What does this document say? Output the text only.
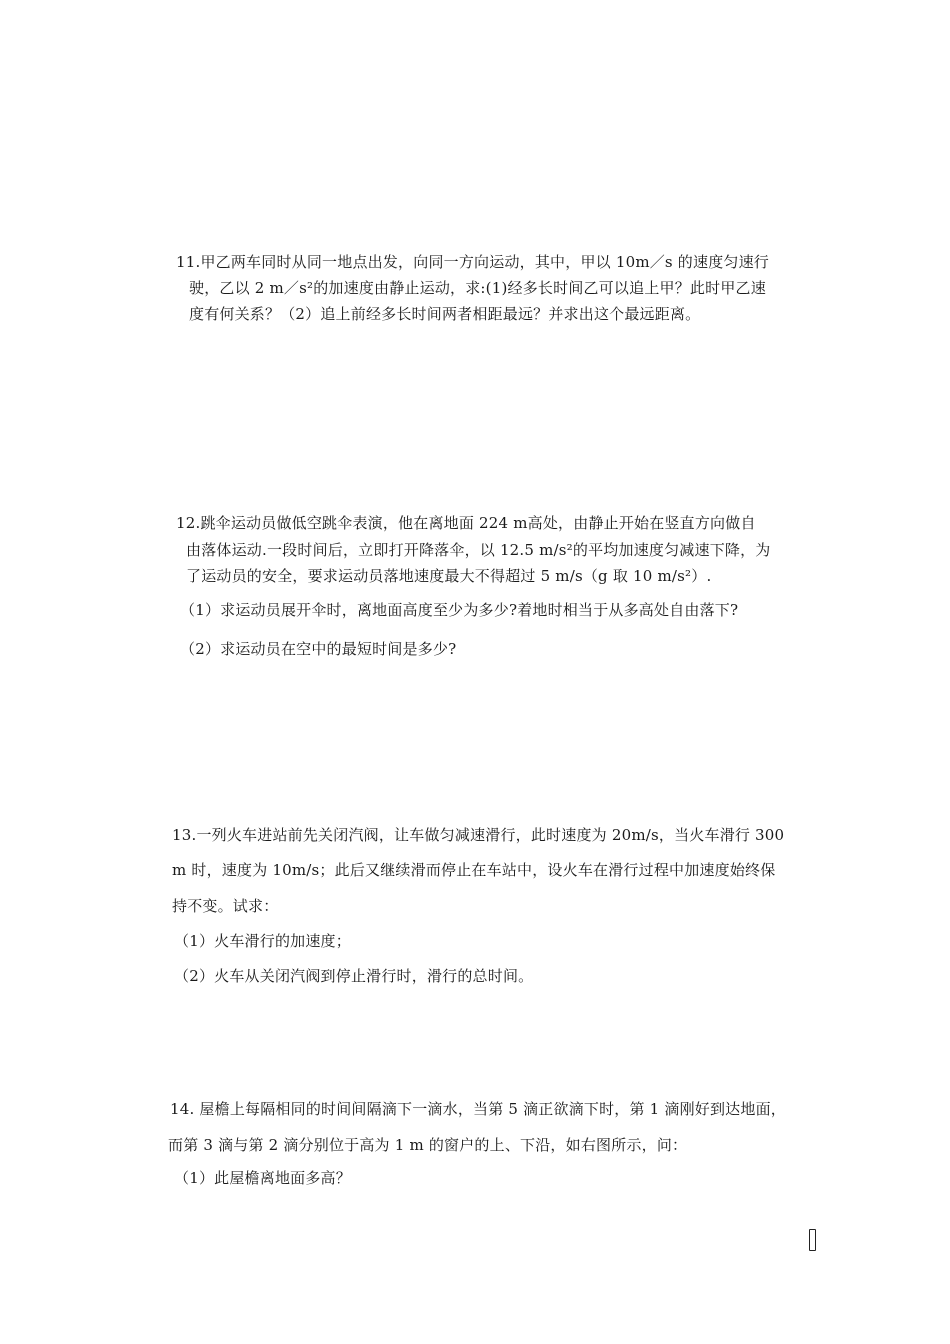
11.甲乙两车同时从同一地点出发，向同一方向运动，其中，甲以 10m／s 的速度匀速行
驶，乙以 2 m／s²的加速度由静止运动，求:(1)经多长时间乙可以追上甲？此时甲乙速
度有何关系？（2）追上前经多长时间两者相距最远？并求出这个最远距离。
12.跳伞运动员做低空跳伞表演，他在离地面 224 m高处，由静止开始在竖直方向做自
由落体运动.一段时间后，立即打开降落伞，以 12.5 m/s²的平均加速度匀减速下降，为
了运动员的安全，要求运动员落地速度最大不得超过 5 m/s（g 取 10 m/s²）.
（1）求运动员展开伞时，离地面高度至少为多少?着地时相当于从多高处自由落下?
（2）求运动员在空中的最短时间是多少?
13.一列火车进站前先关闭汽阀，让车做匀减速滑行，此时速度为 20m/s，当火车滑行 300
m 时，速度为 10m/s；此后又继续滑而停止在车站中，设火车在滑行过程中加速度始终保
持不变。试求：
（1）火车滑行的加速度；
（2）火车从关闭汽阀到停止滑行时，滑行的总时间。
14. 屋檐上每隔相同的时间间隔滴下一滴水，当第 5 滴正欲滴下时，第 1 滴刚好到达地面，
而第 3 滴与第 2 滴分别位于高为 1 m 的窗户的上、下沿，如右图所示，问：
（1）此屋檐离地面多高？
